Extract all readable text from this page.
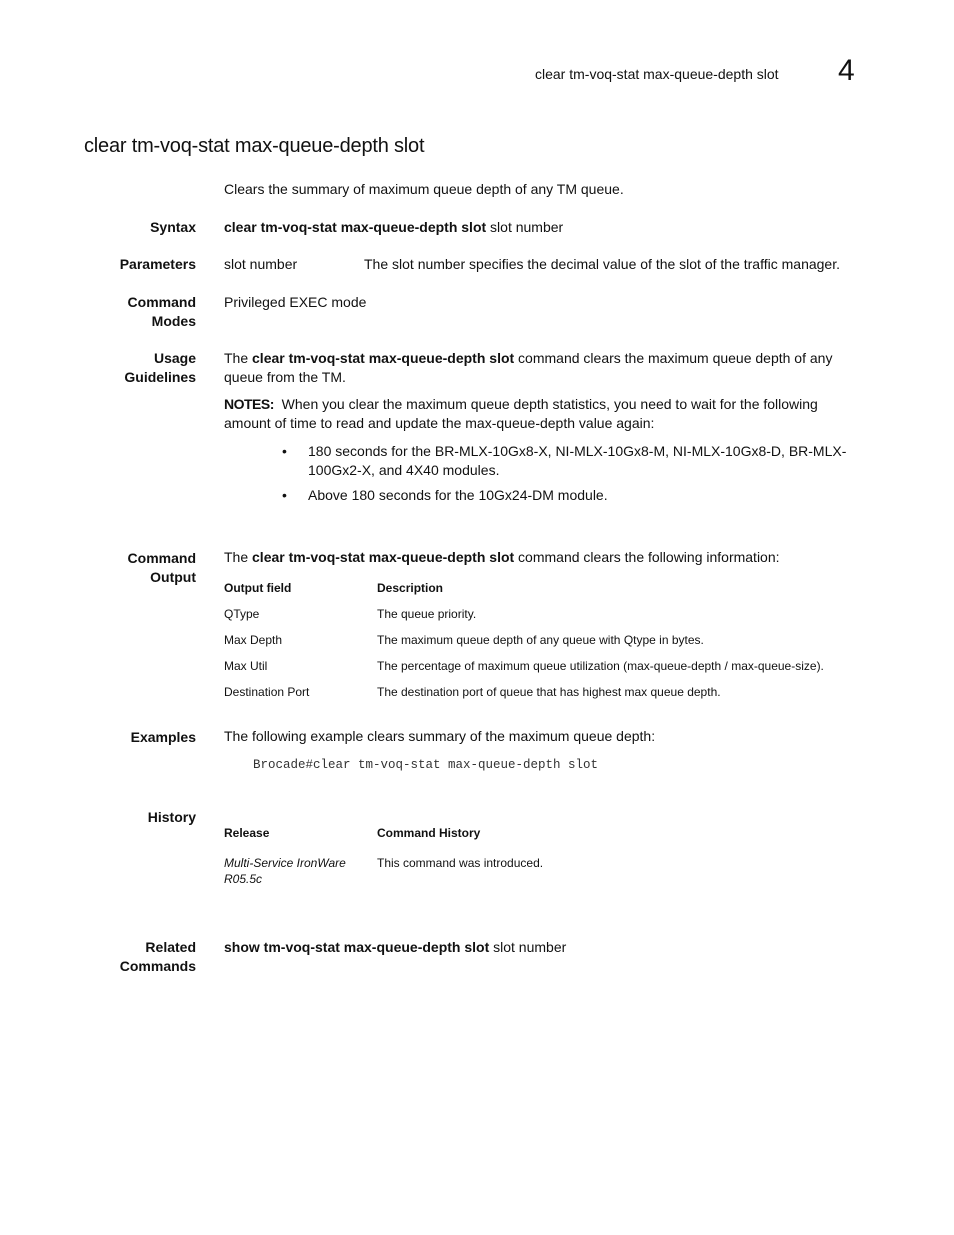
clear tm-voq-stat max-queue-depth slot 4
clear tm-voq-stat max-queue-depth slot
Clears the summary of maximum queue depth of any TM queue.
Syntax clear tm-voq-stat max-queue-depth slot slot number
Parameters slot number	The slot number specifies the decimal value of the slot of the traffic manager.
Command
Modes
Privileged EXEC mode
Usage
Guidelines
The clear tm-voq-stat max-queue-depth slot command clears the maximum queue depth of any queue from the TM.
NOTES: When you clear the maximum queue depth statistics, you need to wait for the following amount of time to read and update the max-queue-depth value again:
• 180 seconds for the BR-MLX-10Gx8-X, NI-MLX-10Gx8-M, NI-MLX-10Gx8-D, BR-MLX-100Gx2-X, and 4X40 modules.
• Above 180 seconds for the 10Gx24-DM module.
Command
Output
The clear tm-voq-stat max-queue-depth slot command clears the following information:
Output field	Description
QType	The queue priority.
Max Depth	The maximum queue depth of any queue with Qtype in bytes.
Max Util	The percentage of maximum queue utilization (max-queue-depth / max-queue-size).
Destination Port	The destination port of queue that has highest max queue depth.
Examples The following example clears summary of the maximum queue depth:
Brocade#clear tm-voq-stat max-queue-depth slot
History
Release	Command History
Multi-Service IronWare R05.5c	This command was introduced.
Related
Commands
show tm-voq-stat max-queue-depth slot slot number
